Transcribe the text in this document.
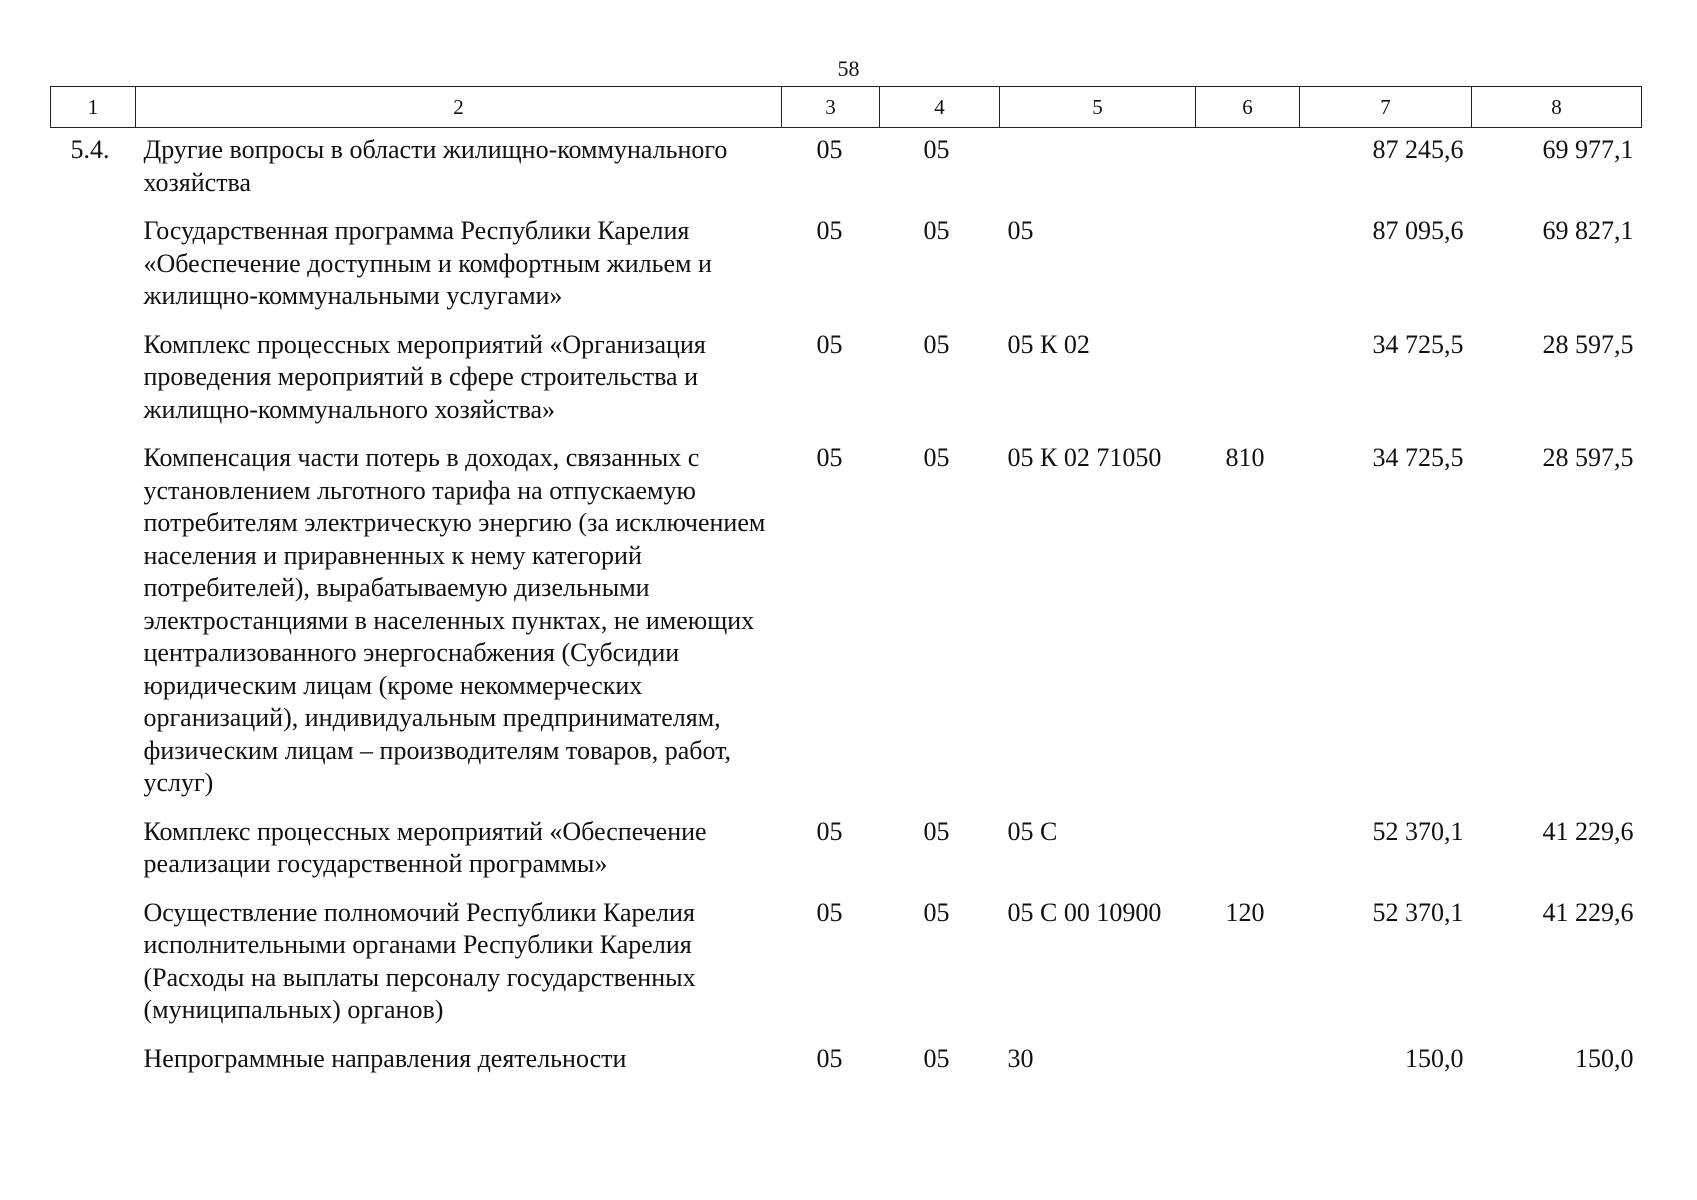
58
1	2	3	4	5	6	7	8
5.4.	Другие вопросы в области жилищно-коммунального хозяйства	05	05			87 245,6	69 977,1
	Государственная программа Республики Карелия «Обеспечение доступным и комфортным жильем и жилищно-коммунальными услугами»	05	05	05		87 095,6	69 827,1
	Комплекс процессных мероприятий «Организация проведения мероприятий в сфере строительства и жилищно-коммунального хозяйства»	05	05	05 К 02		34 725,5	28 597,5
	Компенсация части потерь в доходах, связанных с установлением льготного тарифа на отпускаемую потребителям электрическую энергию (за исключением населения и приравненных к нему категорий потребителей), вырабатываемую дизельными электростанциями в населенных пунктах, не имеющих централизованного энергоснабжения (Субсидии юридическим лицам (кроме некоммерческих организаций), индивидуальным предпринимателям, физическим лицам – производителям товаров, работ, услуг)	05	05	05 К 02 71050	810	34 725,5	28 597,5
	Комплекс процессных мероприятий «Обеспечение реализации государственной программы»	05	05	05 С		52 370,1	41 229,6
	Осуществление полномочий Республики Карелия исполнительными органами Республики Карелия (Расходы на выплаты персоналу государственных (муниципальных) органов)	05	05	05 С 00 10900	120	52 370,1	41 229,6
	Непрограммные направления деятельности	05	05	30		150,0	150,0
